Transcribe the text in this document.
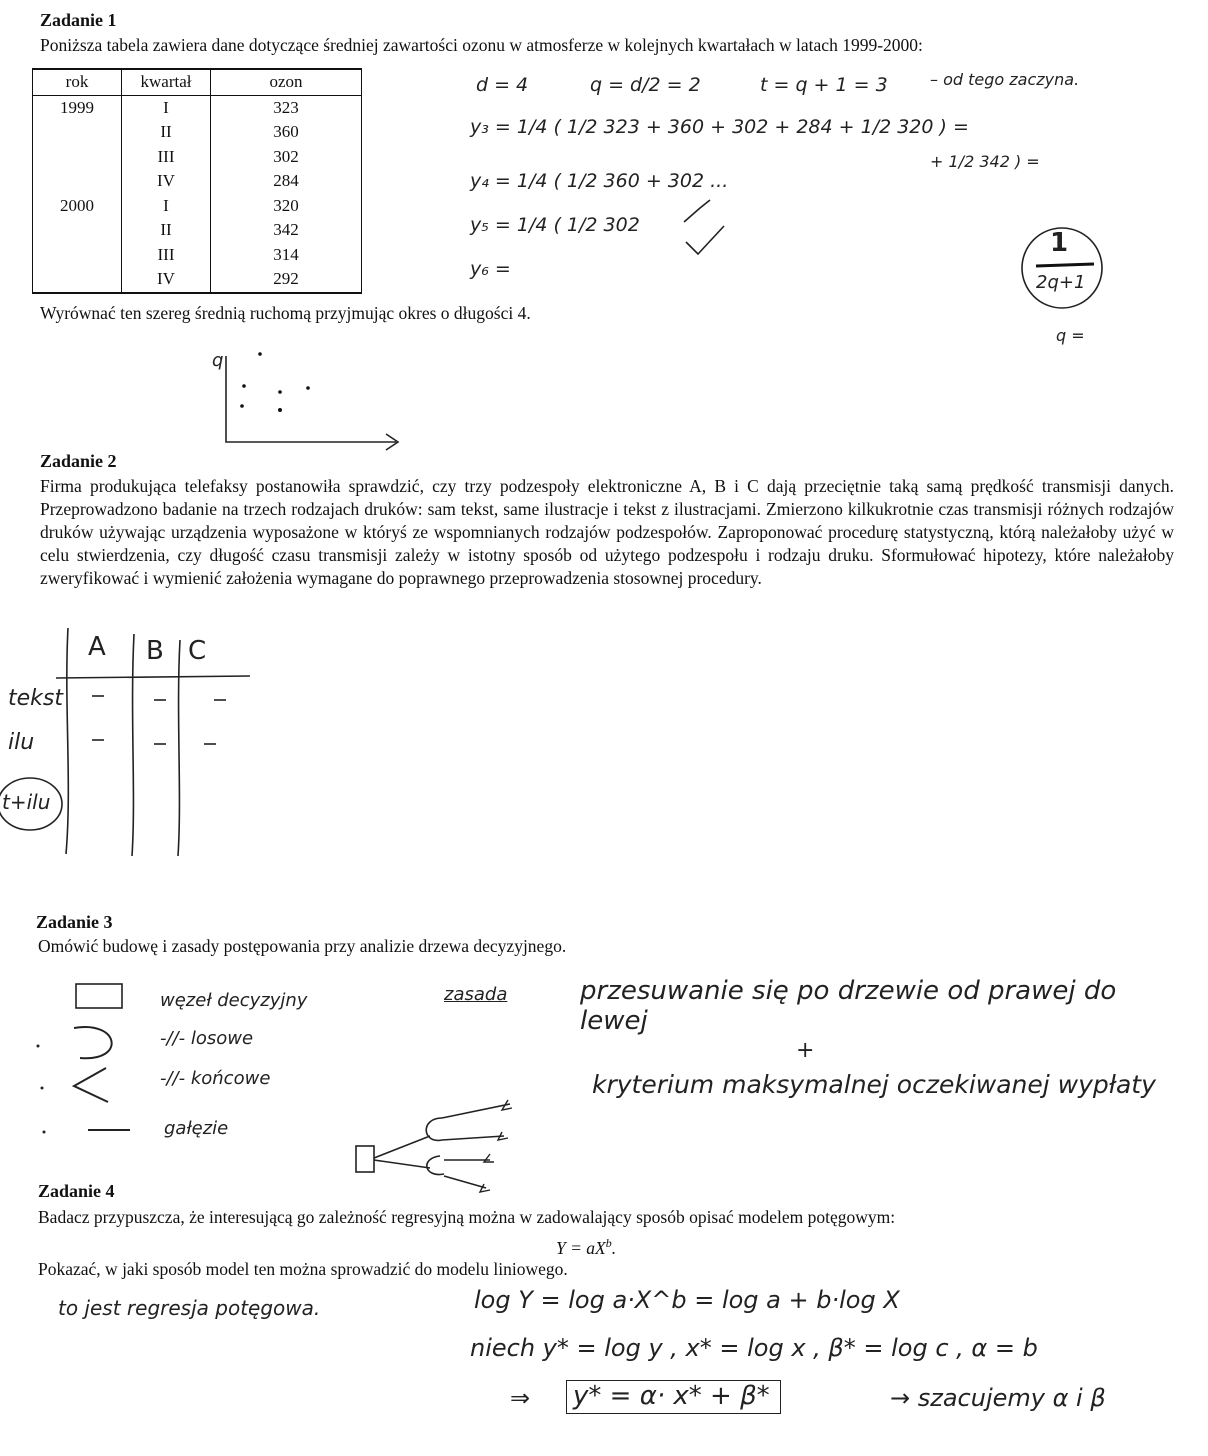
Zadanie 1
Poniższa tabela zawiera dane dotyczące średniej zawartości ozonu w atmosferze w kolejnych kwartałach w latach 1999-2000:
rok	kwartał	ozon
1999	I	323
	II	360
	III	302
	IV	284
2000	I	320
	II	342
	III	314
	IV	292
Wyrównać ten szereg średnią ruchomą przyjmując okres o długości 4.
d = 4	q = d/2 = 2	t = q + 1 = 3	– od tego zaczyna.
y₃ = 1/4 ( 1/2 323 + 360 + 302 + 284 + 1/2 320 ) =
+ 1/2 342 ) =
y₄ = 1/4 ( 1/2 360 + 302 ...
y₅ = 1/4 ( 1/2 302
y₆ =
1
2q+1
q =
q
Zadanie 2
Firma produkująca telefaksy postanowiła sprawdzić, czy trzy podzespoły elektroniczne A, B i C dają przeciętnie taką samą prędkość transmisji danych. Przeprowadzono badanie na trzech rodzajach druków: sam tekst, same ilustracje i tekst z ilustracjami. Zmierzono kilkukrotnie czas transmisji różnych rodzajów druków używając urządzenia wyposażone w któryś ze wspomnianych rodzajów podzespołów. Zaproponować procedurę statystyczną, którą należałoby użyć w celu stwierdzenia, czy długość czasu transmisji zależy w istotny sposób od użytego podzespołu i rodzaju druku. Sformułować hipotezy, które należałoby zweryfikować i wymienić założenia wymagane do poprawnego przeprowadzenia stosownej procedury.
A B C
tekst
ilu
t+ilu
Zadanie 3
Omówić budowę i zasady postępowania przy analizie drzewa decyzyjnego.
węzeł decyzyjny
-//- losowe
-//- końcowe
gałęzie
zasada	przesuwanie się po drzewie od prawej do lewej
+
kryterium maksymalnej oczekiwanej wypłaty
Zadanie 4
Badacz przypuszcza, że interesującą go zależność regresyjną można w zadowalający sposób opisać modelem potęgowym:
$Y = aX^b$.
Pokazać, w jaki sposób model ten można sprowadzić do modelu liniowego.
to jest regresja potęgowa.	log Y = log a·X^b = log a + b·log X
niech y* = log y , x* = log x , β* = log c , α = b
⇒ y* = α· x* + β*	→ szacujemy α i β
